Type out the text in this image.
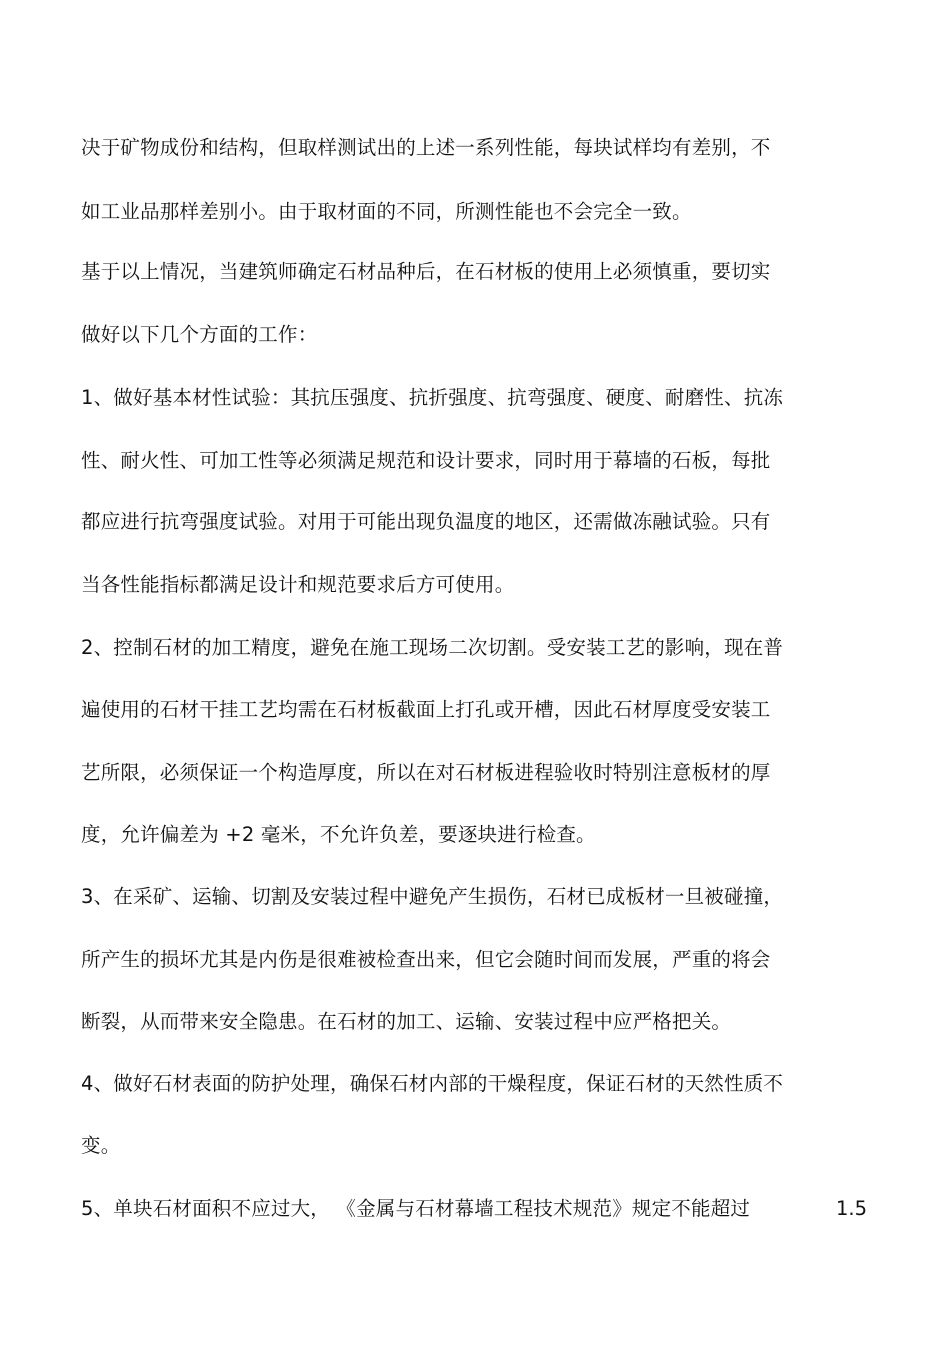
决于矿物成份和结构，但取样测试出的上述一系列性能，每块试样均有差别，不
如工业品那样差别小。由于取材面的不同，所测性能也不会完全一致。
基于以上情况，当建筑师确定石材品种后，在石材板的使用上必须慎重，要切实
做好以下几个方面的工作：
1、做好基本材性试验：其抗压强度、抗折强度、抗弯强度、硬度、耐磨性、抗冻
性、耐火性、可加工性等必须满足规范和设计要求，同时用于幕墙的石板，每批
都应进行抗弯强度试验。对用于可能出现负温度的地区，还需做冻融试验。只有
当各性能指标都满足设计和规范要求后方可使用。
2、控制石材的加工精度，避免在施工现场二次切割。受安装工艺的影响，现在普
遍使用的石材干挂工艺均需在石材板截面上打孔或开槽，因此石材厚度受安装工
艺所限，必须保证一个构造厚度，所以在对石材板进程验收时特别注意板材的厚
度，允许偏差为 +2 毫米，不允许负差，要逐块进行检查。
3、在采矿、运输、切割及安装过程中避免产生损伤，石材已成板材一旦被碰撞，
所产生的损坏尤其是内伤是很难被检查出来，但它会随时间而发展，严重的将会
断裂，从而带来安全隐患。在石材的加工、运输、安装过程中应严格把关。
4、做好石材表面的防护处理，确保石材内部的干燥程度，保证石材的天然性质不
变。
5、单块石材面积不应过大， 《金属与石材幕墙工程技术规范》规定不能超过	1.5
